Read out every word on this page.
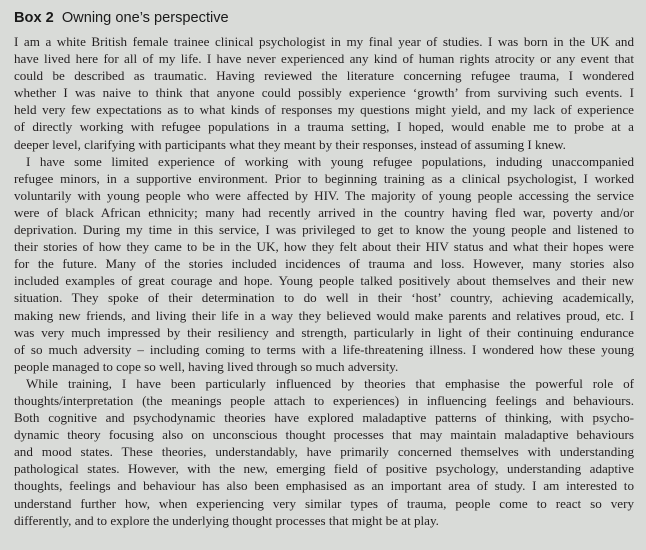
Box 2 Owning one’s perspective
I am a white British female trainee clinical psychologist in my final year of studies. I was born in the UK and
have lived here for all of my life. I have never experienced any kind of human rights atrocity or any event that
could be described as traumatic. Having reviewed the literature concerning refugee trauma, I wondered
whether I was naive to think that anyone could possibly experience ‘growth’ from surviving such events. I
held very few expectations as to what kinds of responses my questions might yield, and my lack of experience
of directly working with refugee populations in a trauma setting, I hoped, would enable me to probe at a
deeper level, clarifying with participants what they meant by their responses, instead of assuming I knew.
I have some limited experience of working with young refugee populations, induding unaccompanied
refugee minors, in a supportive environment. Prior to beginning training as a clinical psychologist, I worked
voluntarily with young people who were affected by HIV. The majority of young people accessing the service
were of black African ethnicity; many had recently arrived in the country having fled war, poverty and/or
deprivation. During my time in this service, I was privileged to get to know the young people and listened to
their stories of how they came to be in the UK, how they felt about their HIV status and what their hopes were
for the future. Many of the stories included incidences of trauma and loss. However, many stories also
included examples of great courage and hope. Young people talked positively about themselves and their new
situation. They spoke of their determination to do well in their ‘host’ country, achieving academically,
making new friends, and living their life in a way they believed would make parents and relatives proud, etc. I
was very much impressed by their resiliency and strength, particularly in light of their continuing endurance
of so much adversity – including coming to terms with a life-threatening illness. I wondered how these young
people managed to cope so well, having lived through so much adversity.
While training, I have been particularly influenced by theories that emphasise the powerful role of
thoughts/interpretation (the meanings people attach to experiences) in influencing feelings and behaviours.
Both cognitive and psychodynamic theories have explored maladaptive patterns of thinking, with psycho-
dynamic theory focusing also on unconscious thought processes that may maintain maladaptive behaviours
and mood states. These theories, understandably, have primarily concerned themselves with understanding
pathological states. However, with the new, emerging field of positive psychology, understanding adaptive
thoughts, feelings and behaviour has also been emphasised as an important area of study. I am interested to
understand further how, when experiencing very similar types of trauma, people come to react so very
differently, and to explore the underlying thought processes that might be at play.
